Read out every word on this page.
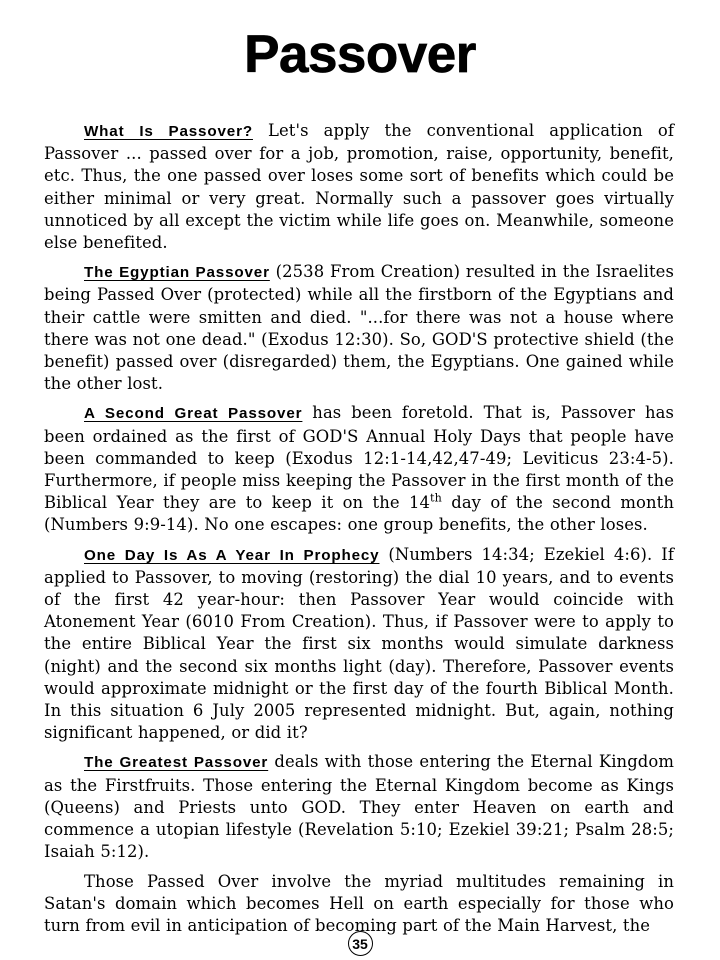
Passover

What Is Passover? Let's apply the conventional application of Passover ... passed over for a job, promotion, raise, opportunity, benefit, etc. Thus, the one passed over loses some sort of benefits which could be either minimal or very great. Normally such a passover goes virtually unnoticed by all except the victim while life goes on. Meanwhile, someone else benefited.

The Egyptian Passover (2538 From Creation) resulted in the Israelites being Passed Over (protected) while all the firstborn of the Egyptians and their cattle were smitten and died. "...for there was not a house where there was not one dead." (Exodus 12:30). So, GOD'S protective shield (the benefit) passed over (disregarded) them, the Egyptians. One gained while the other lost.

A Second Great Passover has been foretold. That is, Passover has been ordained as the first of GOD'S Annual Holy Days that people have been commanded to keep (Exodus 12:1-14,42,47-49; Leviticus 23:4-5). Furthermore, if people miss keeping the Passover in the first month of the Biblical Year they are to keep it on the 14th day of the second month (Numbers 9:9-14). No one escapes: one group benefits, the other loses.

One Day Is As A Year In Prophecy (Numbers 14:34; Ezekiel 4:6). If applied to Passover, to moving (restoring) the dial 10 years, and to events of the first 42 year-hour: then Passover Year would coincide with Atonement Year (6010 From Creation). Thus, if Passover were to apply to the entire Biblical Year the first six months would simulate darkness (night) and the second six months light (day). Therefore, Passover events would approximate midnight or the first day of the fourth Biblical Month. In this situation 6 July 2005 represented midnight. But, again, nothing significant happened, or did it?

The Greatest Passover deals with those entering the Eternal Kingdom as the Firstfruits. Those entering the Eternal Kingdom become as Kings (Queens) and Priests unto GOD. They enter Heaven on earth and commence a utopian lifestyle (Revelation 5:10; Ezekiel 39:21; Psalm 28:5; Isaiah 5:12).

Those Passed Over involve the myriad multitudes remaining in Satan's domain which becomes Hell on earth especially for those who turn from evil in anticipation of becoming part of the Main Harvest, the

35
